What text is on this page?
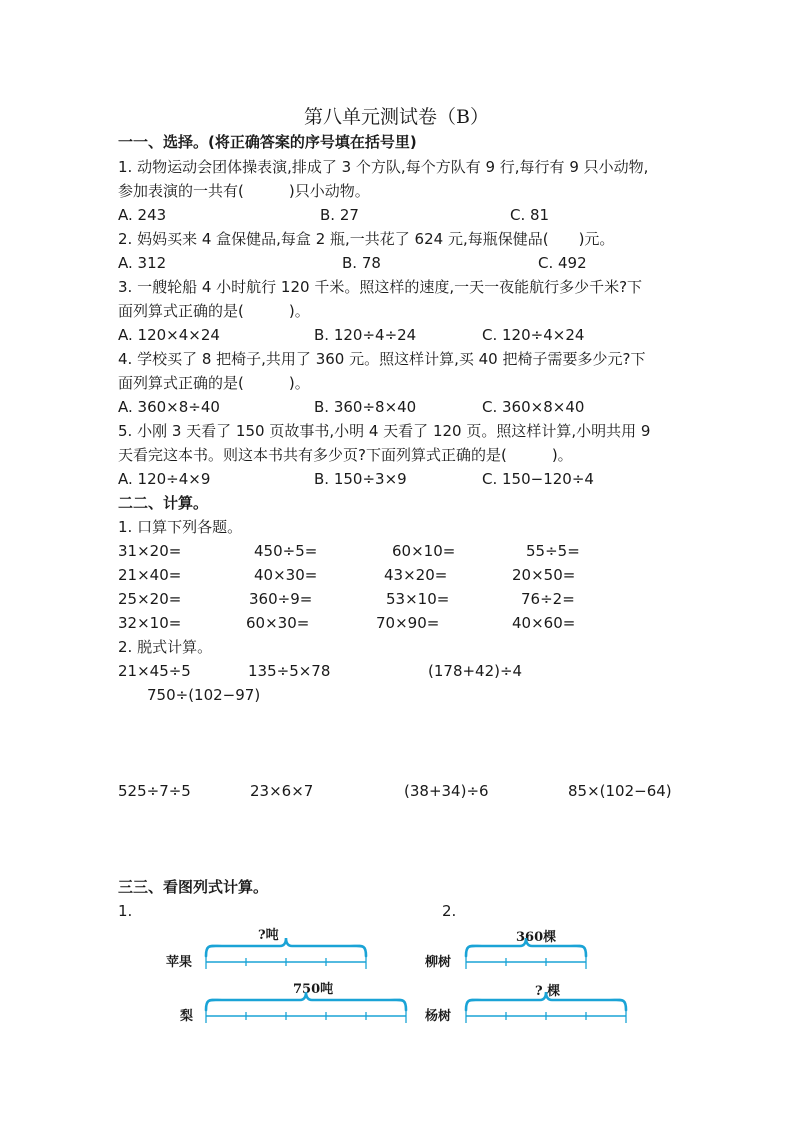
第八单元测试卷（B）
一一、选择。(将正确答案的序号填在括号里)
1. 动物运动会团体操表演,排成了 3 个方队,每个方队有 9 行,每行有 9 只小动物,
参加表演的一共有(　　　)只小动物。
A. 243	B. 27	C. 81
2. 妈妈买来 4 盒保健品,每盒 2 瓶,一共花了 624 元,每瓶保健品(　　)元。
A. 312	B. 78	C. 492
3. 一艘轮船 4 小时航行 120 千米。照这样的速度,一天一夜能航行多少千米?下
面列算式正确的是(　　　)。
A. 120×4×24	B. 120÷4÷24	C. 120÷4×24
4. 学校买了 8 把椅子,共用了 360 元。照这样计算,买 40 把椅子需要多少元?下
面列算式正确的是(　　　)。
A. 360×8÷40	B. 360÷8×40	C. 360×8×40
5. 小刚 3 天看了 150 页故事书,小明 4 天看了 120 页。照这样计算,小明共用 9
天看完这本书。则这本书共有多少页?下面列算式正确的是(　　　)。
A. 120÷4×9	B. 150÷3×9	C. 150−120÷4
二二、计算。
1. 口算下列各题。
31×20=	450÷5=	60×10=	55÷5=
21×40=	40×30=	43×20=	20×50=
25×20=	360÷9=	53×10=	76÷2=
32×10=	60×30=	70×90=	40×60=
2. 脱式计算。
21×45÷5	135÷5×78	(178+42)÷4
750÷(102−97)
525÷7÷5	23×6×7	(38+34)÷6	85×(102−64)
三三、看图列式计算。
1.	2.
苹果
梨
?吨
750吨
柳树
杨树
360棵
? 棵
